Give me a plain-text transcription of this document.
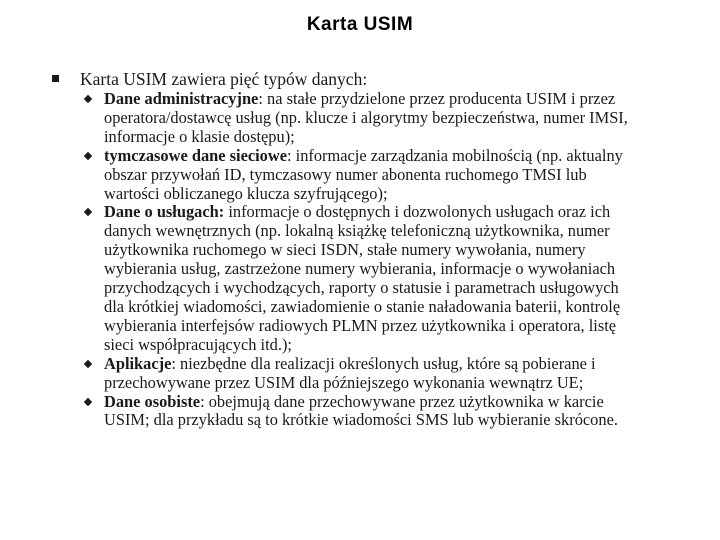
Karta USIM
Karta USIM zawiera pięć typów danych:
Dane administracyjne: na stałe przydzielone przez producenta USIM i przez
operatora/dostawcę usług (np. klucze i algorytmy bezpieczeństwa, numer IMSI,
informacje o klasie dostępu);
tymczasowe dane sieciowe: informacje zarządzania mobilnością (np. aktualny
obszar przywołań ID, tymczasowy numer abonenta ruchomego TMSI lub
wartości obliczanego klucza szyfrującego);
Dane o usługach: informacje o dostępnych i dozwolonych usługach oraz ich
danych wewnętrznych (np. lokalną książkę telefoniczną użytkownika, numer
użytkownika ruchomego w sieci ISDN, stałe numery wywołania, numery
wybierania usług, zastrzeżone numery wybierania, informacje o wywołaniach
przychodzących i wychodzących, raporty o statusie i parametrach usługowych
dla krótkiej wiadomości, zawiadomienie o stanie naładowania baterii, kontrolę
wybierania interfejsów radiowych PLMN przez użytkownika i operatora, listę
sieci współpracujących itd.);
Aplikacje: niezbędne dla realizacji określonych usług, które są pobierane i
przechowywane przez USIM dla późniejszego wykonania wewnątrz UE;
Dane osobiste: obejmują dane przechowywane przez użytkownika w karcie
USIM; dla przykładu są to krótkie wiadomości SMS lub wybieranie skrócone.
